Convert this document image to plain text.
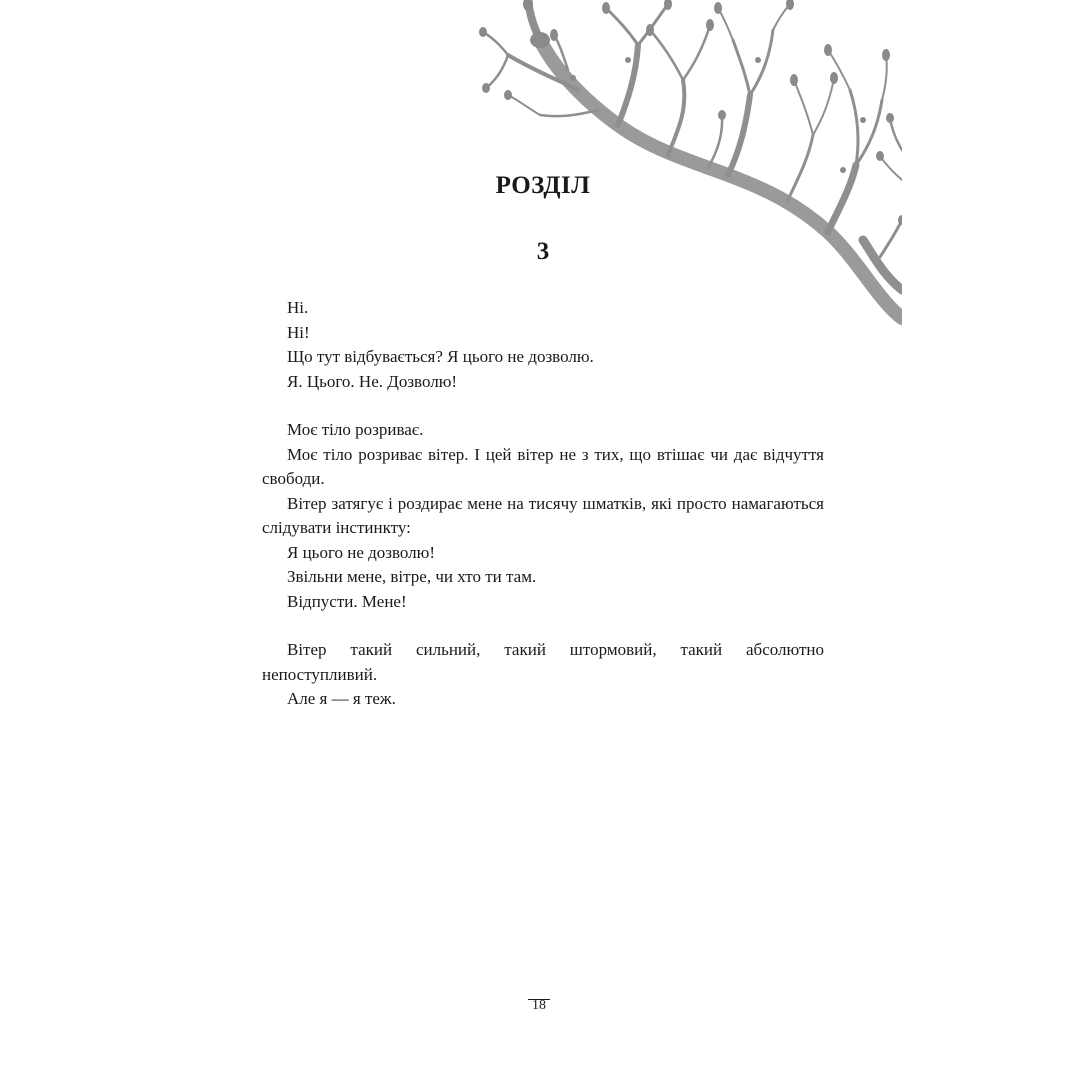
РОЗДІЛ
3

Ні.

Ні!

Що тут відбувається? Я цього не дозволю.

Я. Цього. Не. Дозволю!

Моє тіло розриває.

Моє тіло розриває вітер. І цей вітер не з тих, що втішає чи дає відчуття свободи.

Вітер затягує і роздирає мене на тисячу шматків, які просто намагаються слідувати інстинкту:

Я цього не дозволю!

Звільни мене, вітре, чи хто ти там.

Відпусти. Мене!

Вітер такий сильний, такий штормовий, такий абсолютно непоступливий.

Але я — я теж.

18
